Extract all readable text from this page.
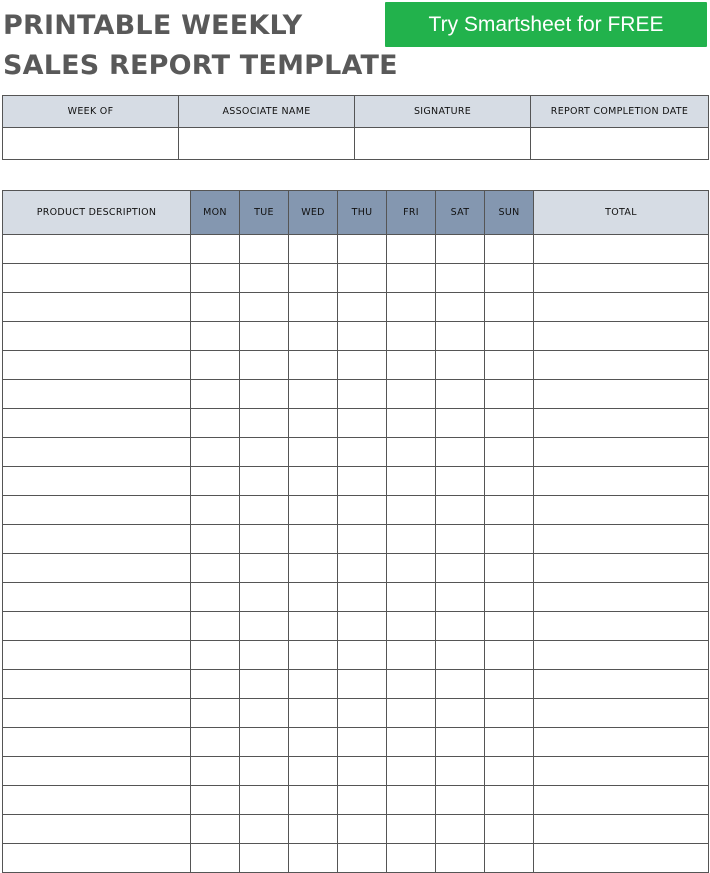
PRINTABLE WEEKLY
SALES REPORT TEMPLATE
Try Smartsheet for FREE
WEEK OF	ASSOCIATE NAME	SIGNATURE	REPORT COMPLETION DATE

PRODUCT DESCRIPTION	MON	TUE	WED	THU	FRI	SAT	SUN	TOTAL
